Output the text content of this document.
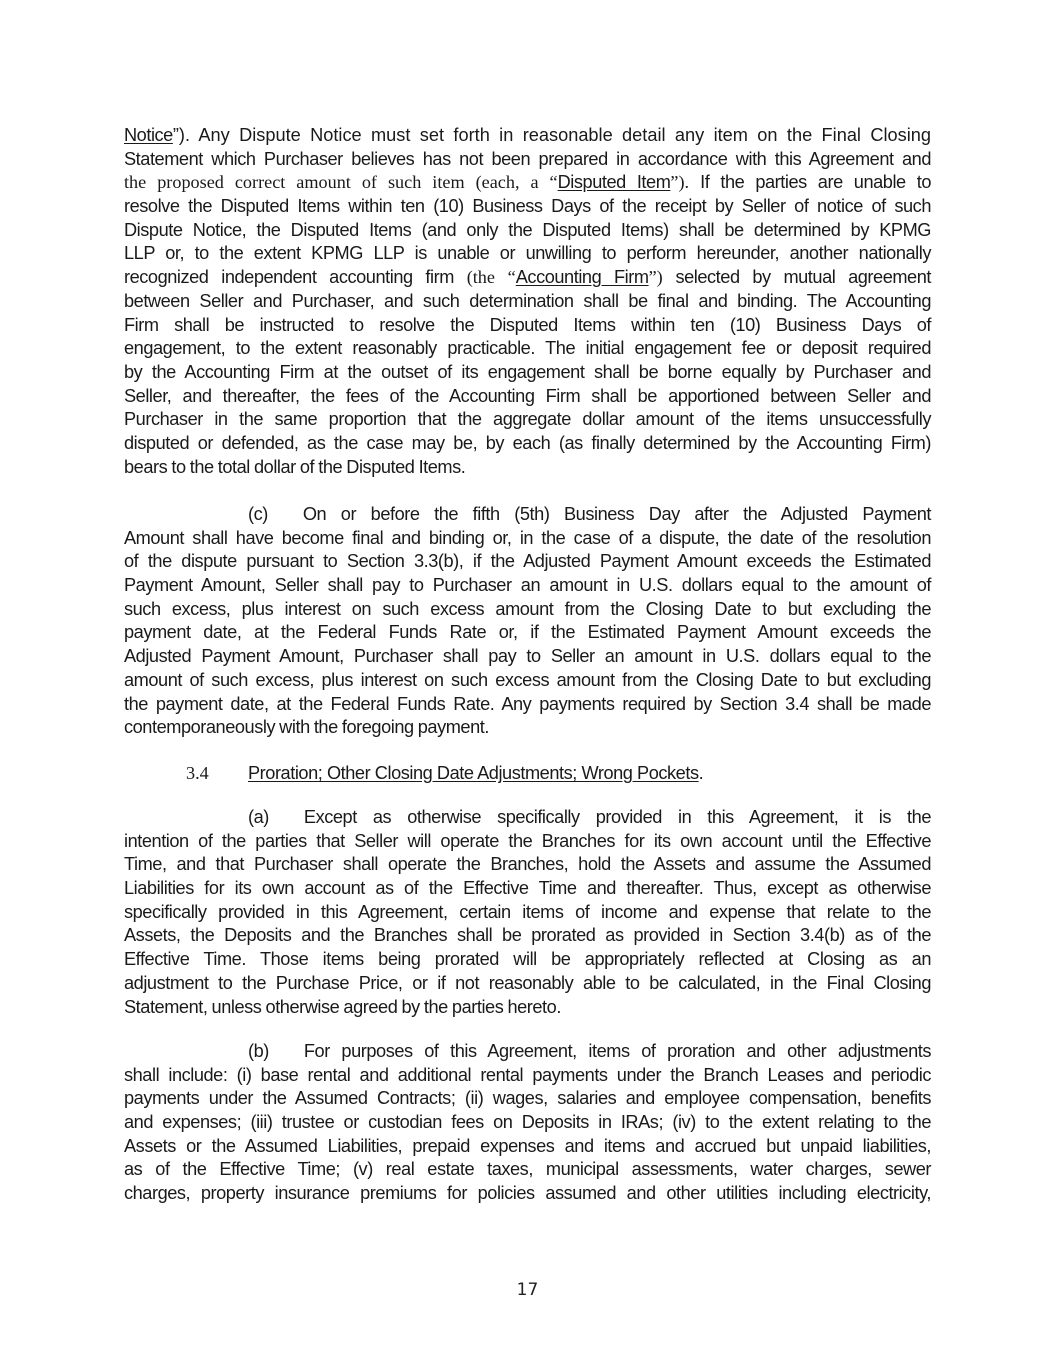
Notice”). Any Dispute Notice must set forth in reasonable detail any item on the Final Closing
Statement which Purchaser believes has not been prepared in accordance with this Agreement and
the proposed correct amount of such item (each, a “Disputed Item”). If the parties are unable to
resolve the Disputed Items within ten (10) Business Days of the receipt by Seller of notice of such
Dispute Notice, the Disputed Items (and only the Disputed Items) shall be determined by KPMG
LLP or, to the extent KPMG LLP is unable or unwilling to perform hereunder, another nationally
recognized independent accounting firm (the “Accounting Firm”) selected by mutual agreement
between Seller and Purchaser, and such determination shall be final and binding. The Accounting
Firm shall be instructed to resolve the Disputed Items within ten (10) Business Days of
engagement, to the extent reasonably practicable. The initial engagement fee or deposit required
by the Accounting Firm at the outset of its engagement shall be borne equally by Purchaser and
Seller, and thereafter, the fees of the Accounting Firm shall be apportioned between Seller and
Purchaser in the same proportion that the aggregate dollar amount of the items unsuccessfully
disputed or defended, as the case may be, by each (as finally determined by the Accounting Firm)
bears to the total dollar of the Disputed Items.
(c) On or before the fifth (5th) Business Day after the Adjusted Payment
Amount shall have become final and binding or, in the case of a dispute, the date of the resolution
of the dispute pursuant to Section 3.3(b), if the Adjusted Payment Amount exceeds the Estimated
Payment Amount, Seller shall pay to Purchaser an amount in U.S. dollars equal to the amount of
such excess, plus interest on such excess amount from the Closing Date to but excluding the
payment date, at the Federal Funds Rate or, if the Estimated Payment Amount exceeds the
Adjusted Payment Amount, Purchaser shall pay to Seller an amount in U.S. dollars equal to the
amount of such excess, plus interest on such excess amount from the Closing Date to but excluding
the payment date, at the Federal Funds Rate. Any payments required by Section 3.4 shall be made
contemporaneously with the foregoing payment.
3.4 Proration; Other Closing Date Adjustments; Wrong Pockets.
(a) Except as otherwise specifically provided in this Agreement, it is the
intention of the parties that Seller will operate the Branches for its own account until the Effective
Time, and that Purchaser shall operate the Branches, hold the Assets and assume the Assumed
Liabilities for its own account as of the Effective Time and thereafter. Thus, except as otherwise
specifically provided in this Agreement, certain items of income and expense that relate to the
Assets, the Deposits and the Branches shall be prorated as provided in Section 3.4(b) as of the
Effective Time. Those items being prorated will be appropriately reflected at Closing as an
adjustment to the Purchase Price, or if not reasonably able to be calculated, in the Final Closing
Statement, unless otherwise agreed by the parties hereto.
(b) For purposes of this Agreement, items of proration and other adjustments
shall include: (i) base rental and additional rental payments under the Branch Leases and periodic
payments under the Assumed Contracts; (ii) wages, salaries and employee compensation, benefits
and expenses; (iii) trustee or custodian fees on Deposits in IRAs; (iv) to the extent relating to the
Assets or the Assumed Liabilities, prepaid expenses and items and accrued but unpaid liabilities,
as of the Effective Time; (v) real estate taxes, municipal assessments, water charges, sewer
charges, property insurance premiums for policies assumed and other utilities including electricity,
17
